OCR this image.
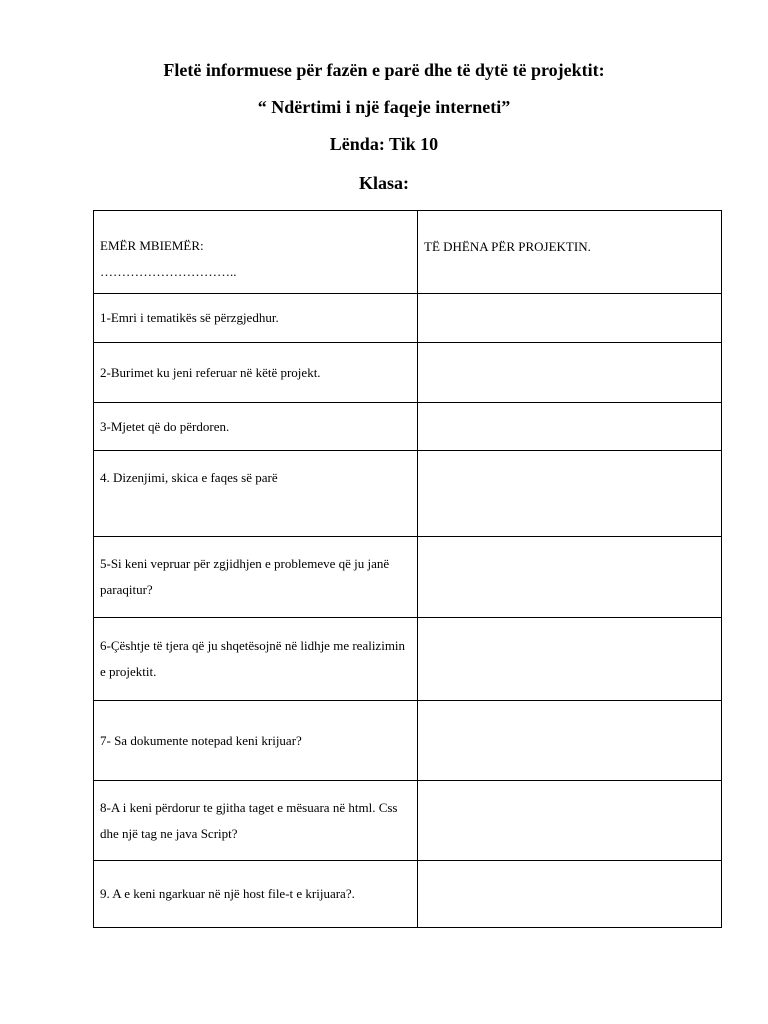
Fletë informuese për fazën e parë dhe të dytë të projektit:
“ Ndërtimi i një faqeje interneti”
Lënda: Tik 10
Klasa:
EMËR MBIEMËR:
…………………………..	TË DHËNA PËR PROJEKTIN.
1-Emri i tematikës së përzgjedhur.	
2-Burimet ku jeni referuar në këtë projekt.	
3-Mjetet që do përdoren.	
4. Dizenjimi, skica e faqes së parë	
5-Si keni vepruar për zgjidhjen e problemeve që ju janë paraqitur?	
6-Çështje të tjera që ju shqetësojnë në lidhje me realizimin e projektit.	
7- Sa dokumente notepad keni krijuar?	
8-A i keni përdorur te gjitha taget e mësuara në html. Css dhe një tag ne java Script?	
9. A e keni ngarkuar në një host file-t e krijuara?.	
